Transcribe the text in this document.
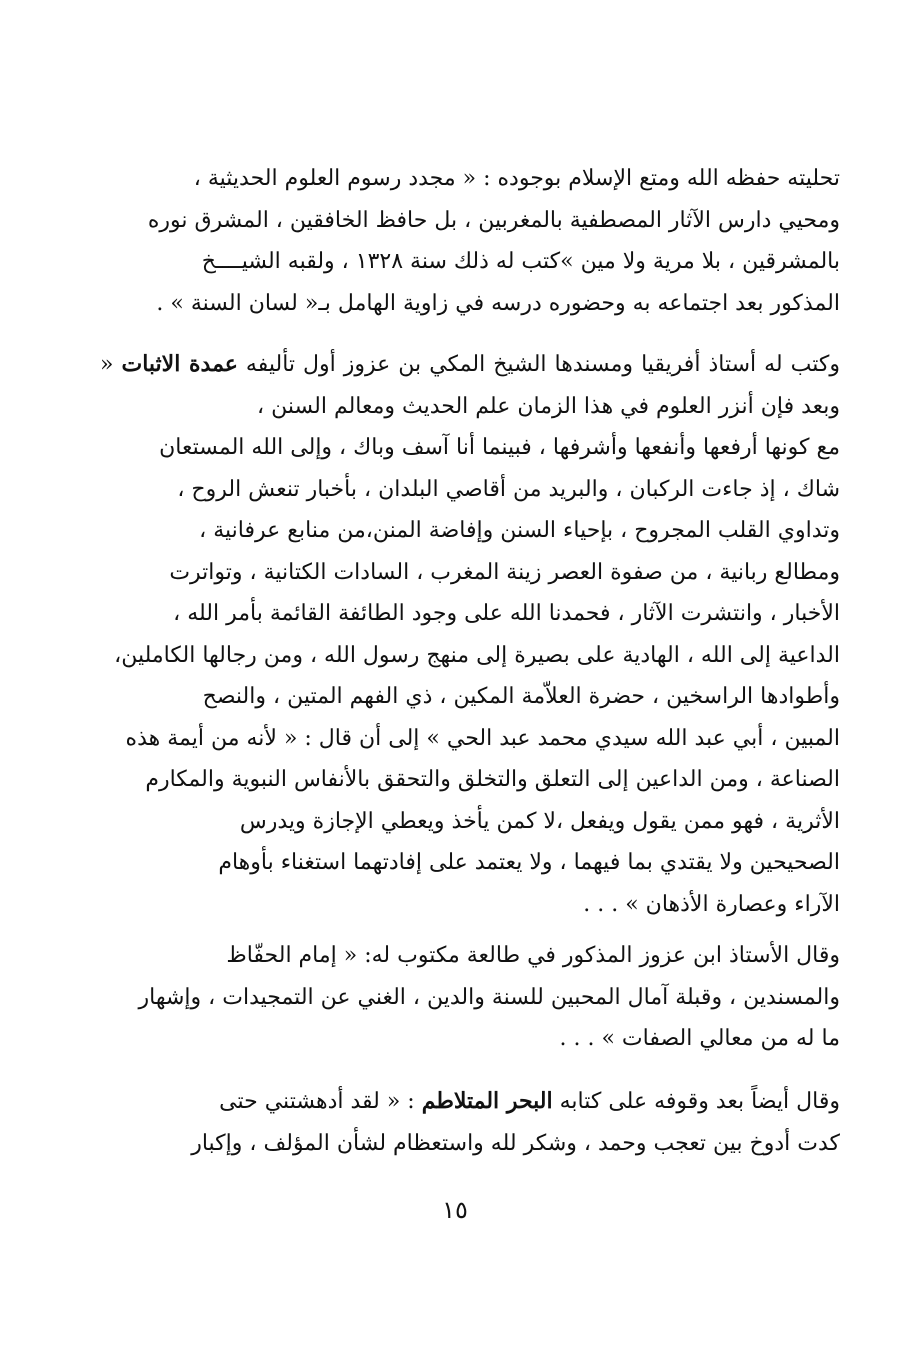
تحليته حفظه الله ومتع الإسلام بوجوده : « مجدد رسوم العلوم الحديثية ،
ومحيي دارس الآثار المصطفية بالمغربين ، بل حافظ الخافقين ، المشرق نوره
بالمشرقين ، بلا مرية ولا مين »كتب له ذلك سنة ١٣٢٨ ، ولقبه الشيــــخ
المذكور بعد اجتماعه به وحضوره درسه في زاوية الهامل بـ« لسان السنة » .

وكتب له أستاذ أفريقيا ومسندها الشيخ المكي بن عزوز أول تأليفه عمدة الاثبات « وبعد فإن أنزر العلوم في هذا الزمان علم الحديث ومعالم السنن ،
مع كونها أرفعها وأنفعها وأشرفها ، فبينما أنا آسف وباك ، وإلى الله المستعان
شاك ، إذ جاءت الركبان ، والبريد من أقاصي البلدان ، بأخبار تنعش الروح ،
وتداوي القلب المجروح ، بإحياء السنن وإفاضة المنن،من منابع عرفانية ،
ومطالع ربانية ، من صفوة العصر زينة المغرب ، السادات الكتانية ، وتواترت
الأخبار ، وانتشرت الآثار ، فحمدنا الله على وجود الطائفة القائمة بأمر الله ،
الداعية إلى الله ، الهادية على بصيرة إلى منهج رسول الله ، ومن رجالها الكاملين،
وأطوادها الراسخين ، حضرة العلاّمة المكين ، ذي الفهم المتين ، والنصح
المبين ، أبي عبد الله سيدي محمد عبد الحي » إلى أن قال : « لأنه من أيمة هذه
الصناعة ، ومن الداعين إلى التعلق والتخلق والتحقق بالأنفاس النبوية والمكارم
الأثرية ، فهو ممن يقول ويفعل ،لا كمن يأخذ ويعطي الإجازة ويدرس
الصحيحين ولا يقتدي بما فيهما ، ولا يعتمد على إفادتهما استغناء بأوهام
الآراء وعصارة الأذهان » . . .

وقال الأستاذ ابن عزوز المذكور في طالعة مكتوب له: « إمام الحفّاظ
والمسندين ، وقبلة آمال المحبين للسنة والدين ، الغني عن التمجيدات ، وإشهار
ما له من معالي الصفات » . . .

وقال أيضاً بعد وقوفه على كتابه البحر المتلاطم : « لقد أدهشتني حتى
كدت أدوخ بين تعجب وحمد ، وشكر لله واستعظام لشأن المؤلف ، وإكبار

١٥
